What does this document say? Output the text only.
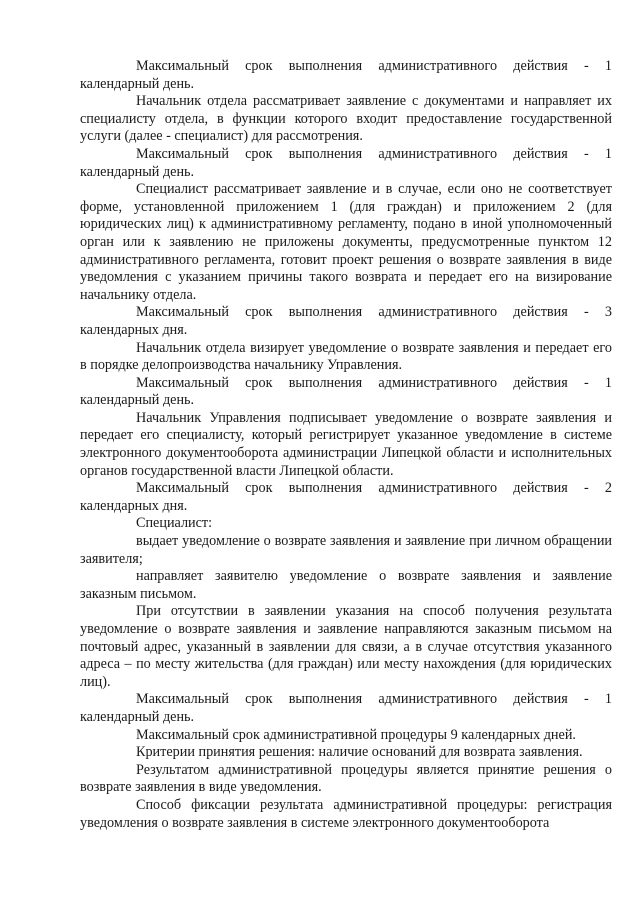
Максимальный срок выполнения административного действия - 1 календарный день.

Начальник отдела рассматривает заявление с документами и направляет их специалисту отдела, в функции которого входит предоставление государственной услуги (далее - специалист) для рассмотрения.

Максимальный срок выполнения административного действия - 1 календарный день.

Специалист рассматривает заявление и в случае, если оно не соответствует форме, установленной приложением 1 (для граждан) и приложением 2 (для юридических лиц) к административному регламенту, подано в иной уполномоченный орган или к заявлению не приложены документы, предусмотренные пунктом 12 административного регламента, готовит проект решения о возврате заявления в виде уведомления с указанием причины такого возврата и передает его на визирование начальнику отдела.

Максимальный срок выполнения административного действия - 3 календарных дня.

Начальник отдела визирует уведомление о возврате заявления и передает его в порядке делопроизводства начальнику Управления.

Максимальный срок выполнения административного действия - 1 календарный день.

Начальник Управления подписывает уведомление о возврате заявления и передает его специалисту, который регистрирует указанное уведомление в системе электронного документооборота администрации Липецкой области и исполнительных органов государственной власти Липецкой области.

Максимальный срок выполнения административного действия - 2 календарных дня.

Специалист:

выдает уведомление о возврате заявления и заявление при личном обращении заявителя;

направляет заявителю уведомление о возврате заявления и заявление заказным письмом.

При отсутствии в заявлении указания на способ получения результата уведомление о возврате заявления и заявление направляются заказным письмом на почтовый адрес, указанный в заявлении для связи, а в случае отсутствия указанного адреса – по месту жительства (для граждан) или месту нахождения (для юридических лиц).

Максимальный срок выполнения административного действия - 1 календарный день.

Максимальный срок административной процедуры 9 календарных дней.

Критерии принятия решения: наличие оснований для возврата заявления.

Результатом административной процедуры является принятие решения о возврате заявления в виде уведомления.

Способ фиксации результата административной процедуры: регистрация уведомления о возврате заявления в системе электронного документооборота
